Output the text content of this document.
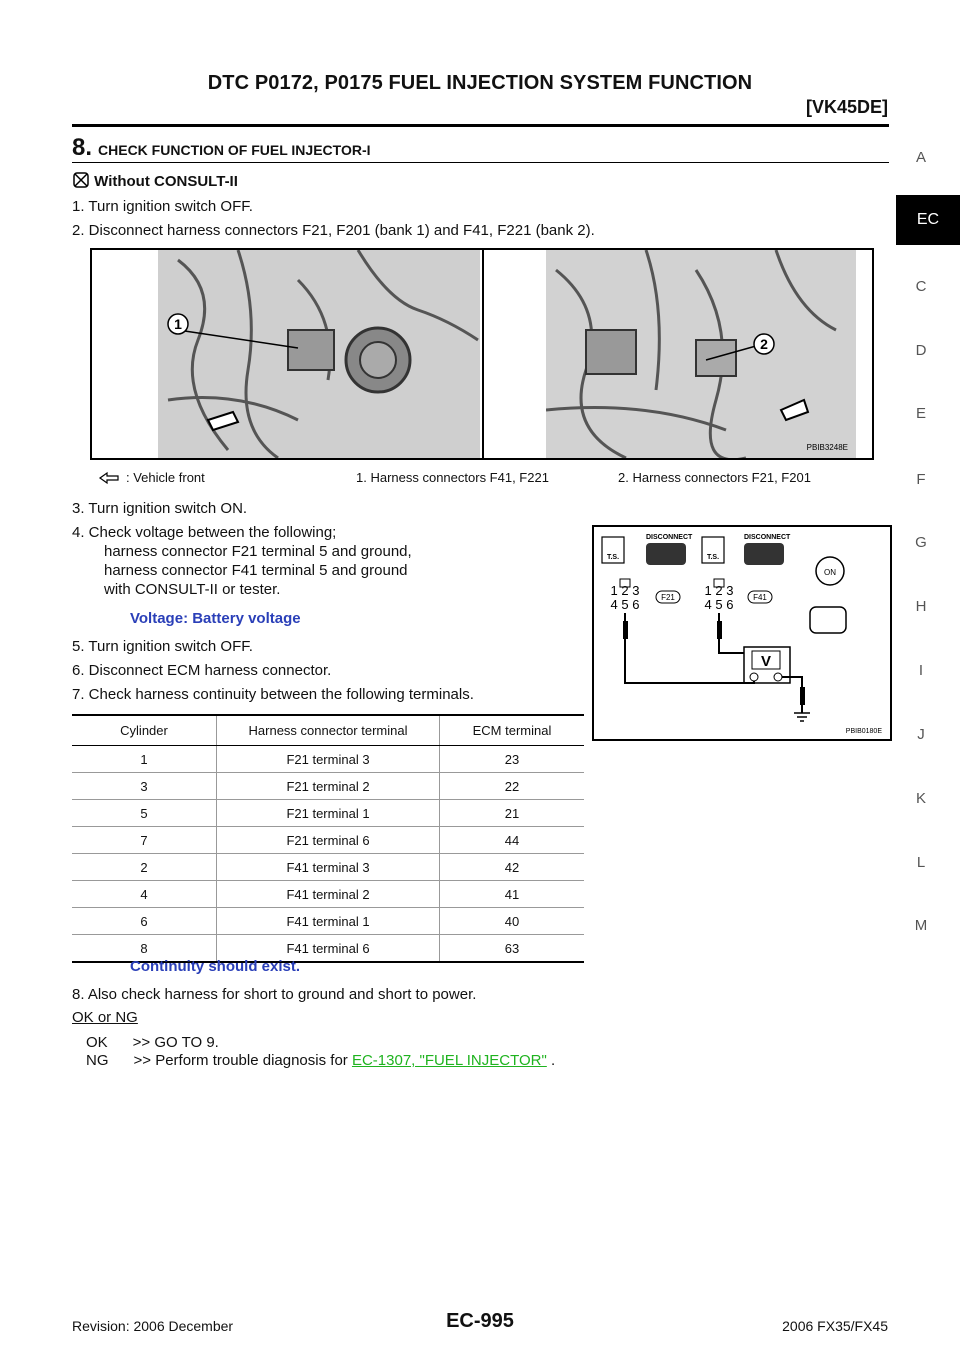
DTC P0172, P0175 FUEL INJECTION SYSTEM FUNCTION
[VK45DE]
8. CHECK FUNCTION OF FUEL INJECTOR-I
Without CONSULT-II
1. Turn ignition switch OFF.
2. Disconnect harness connectors F21, F201 (bank 1) and F41, F221 (bank 2).
1
2
PBIB3248E
: Vehicle front	1. Harness connectors F41, F221	2. Harness connectors F21, F201
3. Turn ignition switch ON.
4. Check voltage between the following;
harness connector F21 terminal 5 and ground,
harness connector F41 terminal 5 and ground
with CONSULT-II or tester.
Voltage: Battery voltage
T.S.
DISCONNECT
T.S.
DISCONNECT
ON
1 2 3
4 5 6	F21 1 2 3
4 5 6 F41
V
PBIB0180E
5. Turn ignition switch OFF.
6. Disconnect ECM harness connector.
7. Check harness continuity between the following terminals.
Cylinder	Harness connector terminal	ECM terminal
1	F21 terminal 3	23
3	F21 terminal 2	22
5	F21 terminal 1	21
7	F21 terminal 6	44
2	F41 terminal 3	42
4	F41 terminal 2	41
6	F41 terminal 1	40
8	F41 terminal 6	63
Continuity should exist.
8. Also check harness for short to ground and short to power.
OK or NG
OK      >> GO TO 9.
NG      >> Perform trouble diagnosis for EC-1307, "FUEL INJECTOR" .
A
EC
C
D
E
F
G
H
I
J
K
L
M
Revision: 2006 December	EC-995	2006 FX35/FX45
